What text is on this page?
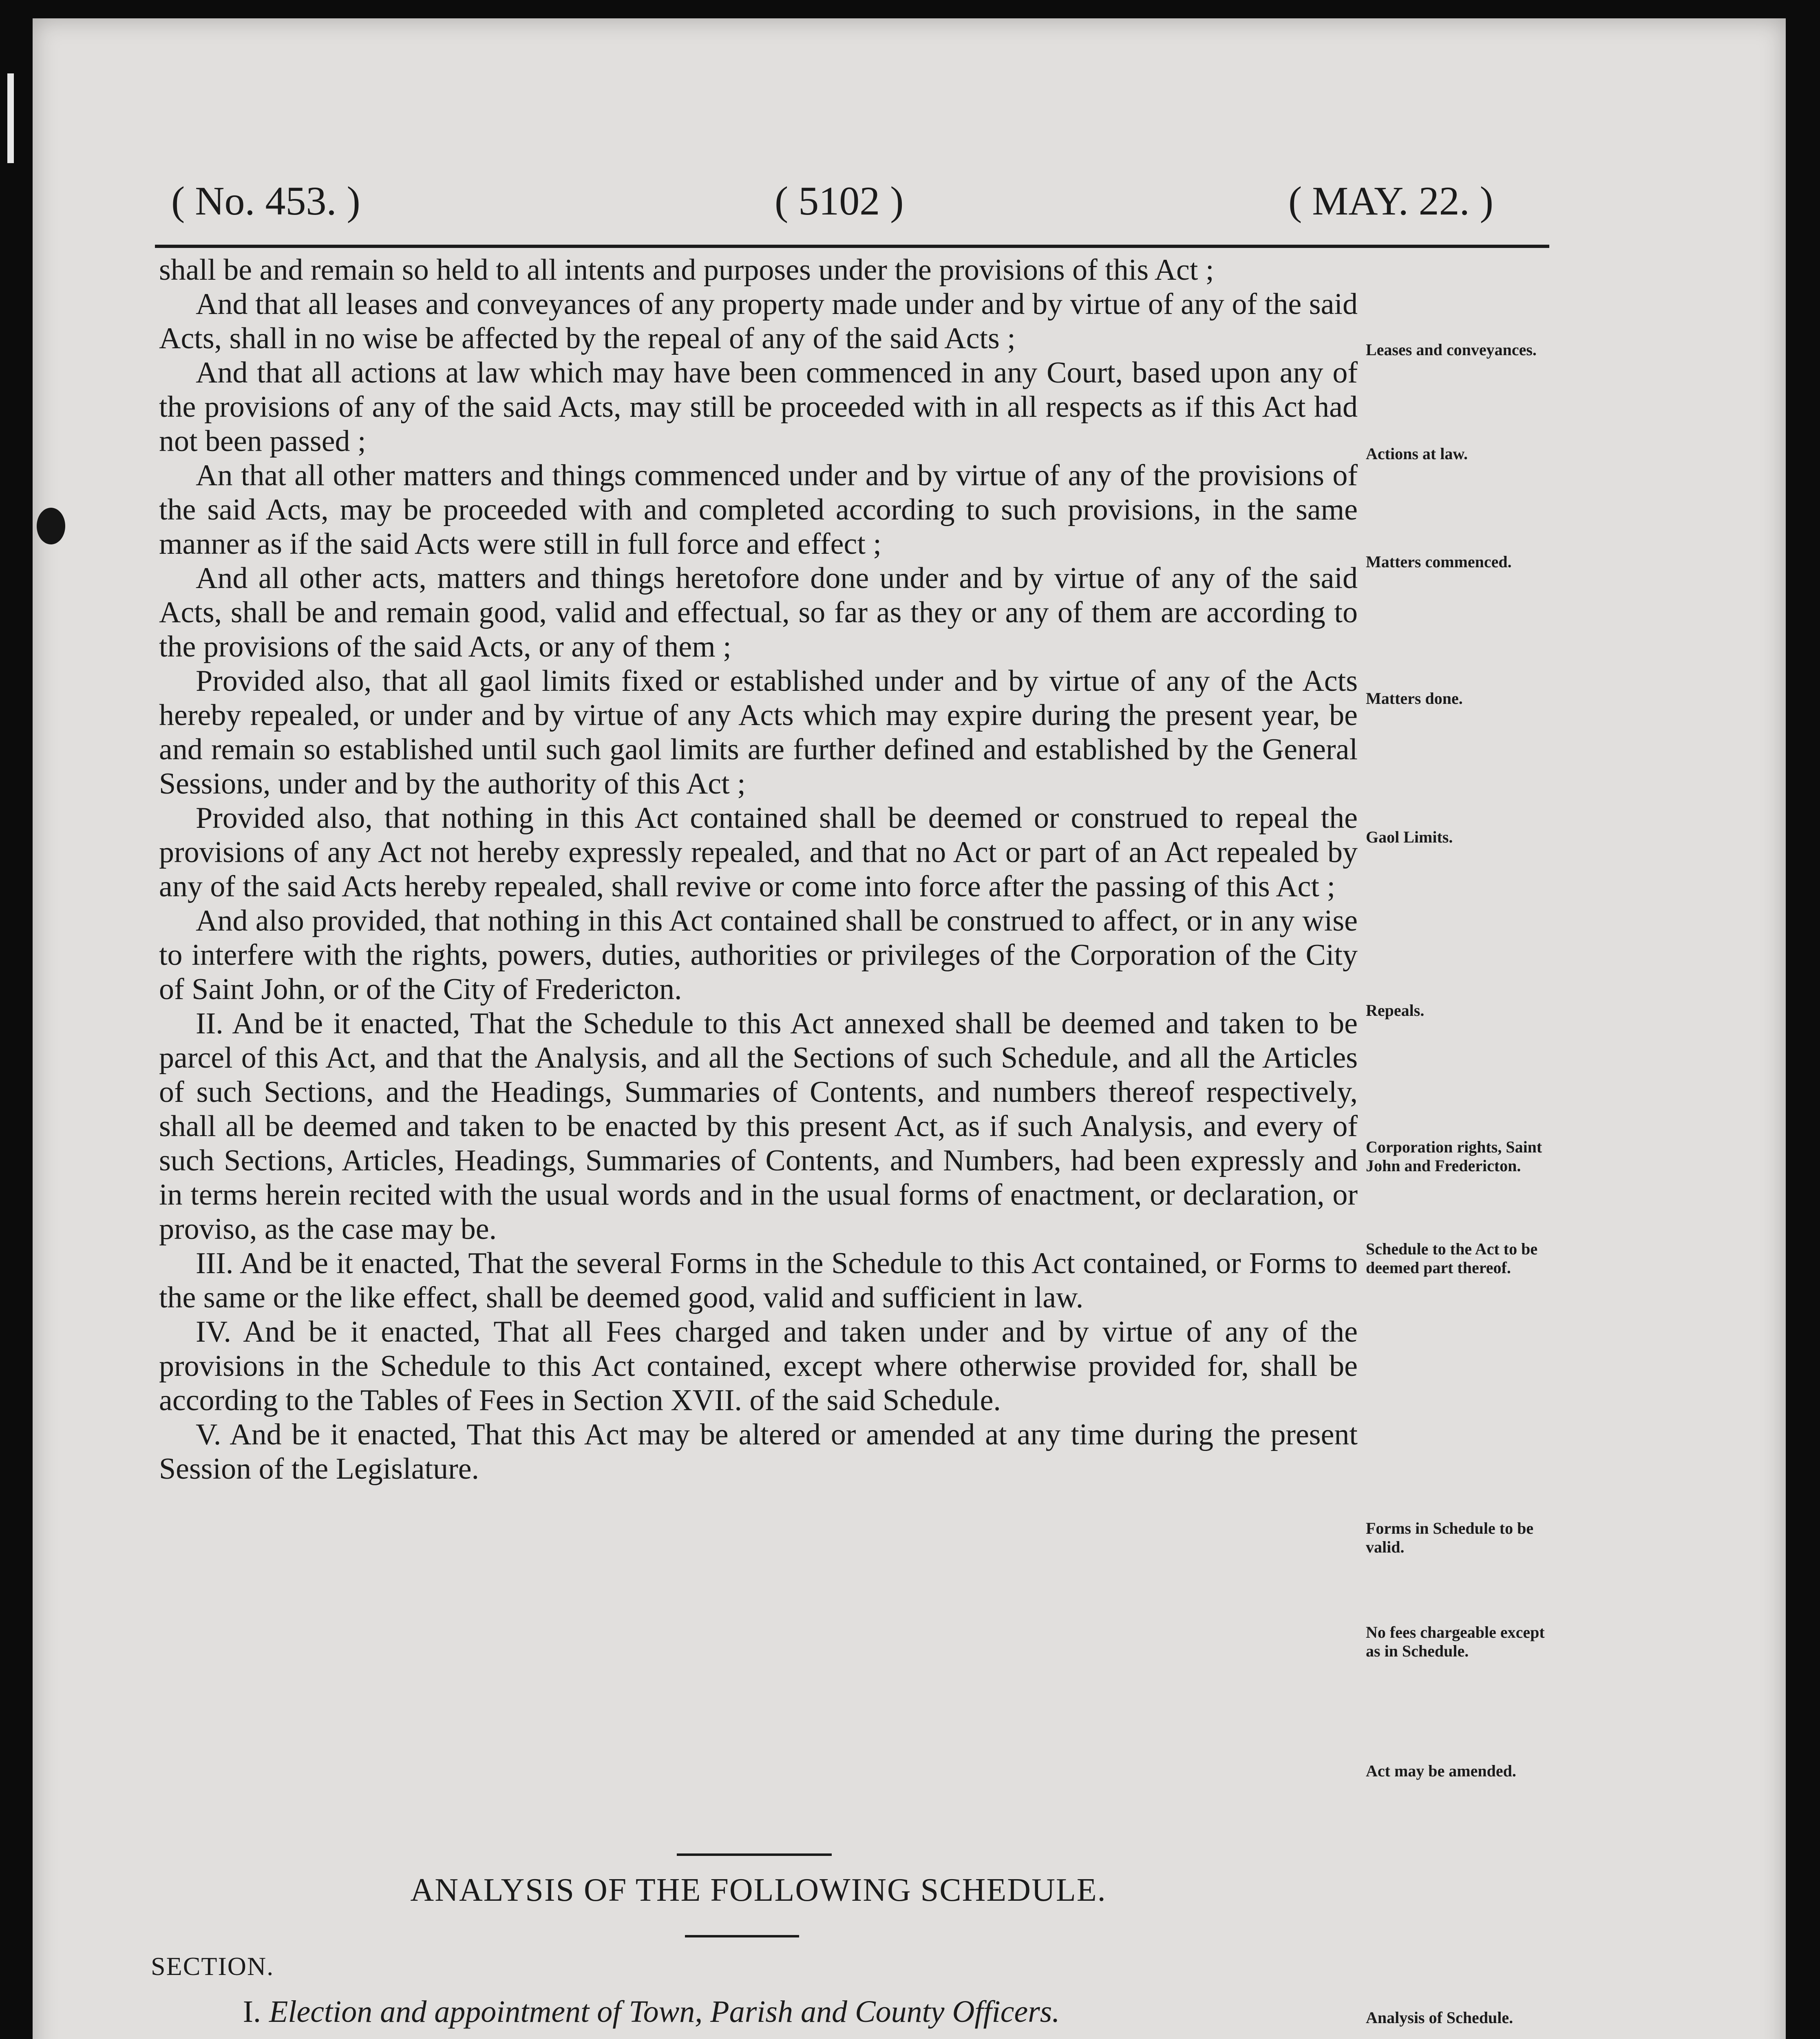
( No. 453. )	( 5102 )	( MAY. 22. )

shall be and remain so held to all intents and purposes under the provisions of this Act ;

And that all leases and conveyances of any property made under and by virtue of any of the said Acts, shall in no wise be affected by the repeal of any of the said Acts ;

And that all actions at law which may have been commenced in any Court, based upon any of the provisions of any of the said Acts, may still be proceeded with in all respects as if this Act had not been passed ;

An that all other matters and things commenced under and by virtue of any of the provisions of the said Acts, may be proceeded with and completed according to such provisions, in the same manner as if the said Acts were still in full force and effect ;

And all other acts, matters and things heretofore done under and by virtue of any of the said Acts, shall be and remain good, valid and effectual, so far as they or any of them are according to the provisions of the said Acts, or any of them ;

Provided also, that all gaol limits fixed or established under and by virtue of any of the Acts hereby repealed, or under and by virtue of any Acts which may expire during the present year, be and remain so established until such gaol limits are further defined and established by the General Sessions, under and by the authority of this Act ;

Provided also, that nothing in this Act contained shall be deemed or construed to repeal the provisions of any Act not hereby expressly repealed, and that no Act or part of an Act repealed by any of the said Acts hereby repealed, shall revive or come into force after the passing of this Act ;

And also provided, that nothing in this Act contained shall be construed to affect, or in any wise to interfere with the rights, powers, duties, authorities or privileges of the Corporation of the City of Saint John, or of the City of Fredericton.

II. And be it enacted, That the Schedule to this Act annexed shall be deemed and taken to be parcel of this Act, and that the Analysis, and all the Sections of such Schedule, and all the Articles of such Sections, and the Headings, Summaries of Contents, and numbers thereof respectively, shall all be deemed and taken to be enacted by this present Act, as if such Analysis, and every of such Sections, Articles, Headings, Summaries of Contents, and Numbers, had been expressly and in terms herein recited with the usual words and in the usual forms of enactment, or declaration, or proviso, as the case may be.

III. And be it enacted, That the several Forms in the Schedule to this Act contained, or Forms to the same or the like effect, shall be deemed good, valid and sufficient in law.

IV. And be it enacted, That all Fees charged and taken under and by virtue of any of the provisions in the Schedule to this Act contained, except where otherwise provided for, shall be according to the Tables of Fees in Section XVII. of the said Schedule.

V. And be it enacted, That this Act may be altered or amended at any time during the present Session of the Legislature.

Leases and conveyances.
Actions at law.
Matters commenced.
Matters done.
Gaol Limits.
Repeals.
Corporation rights, Saint John and Fredericton.
Schedule to the Act to be deemed part thereof.
Forms in Schedule to be valid.
No fees chargeable except as in Schedule.
Act may be amended.
Analysis of Schedule.
ANALYSIS OF THE FOLLOWING SCHEDULE.
SECTION.
I. Election and appointment of Town, Parish and County Officers.
